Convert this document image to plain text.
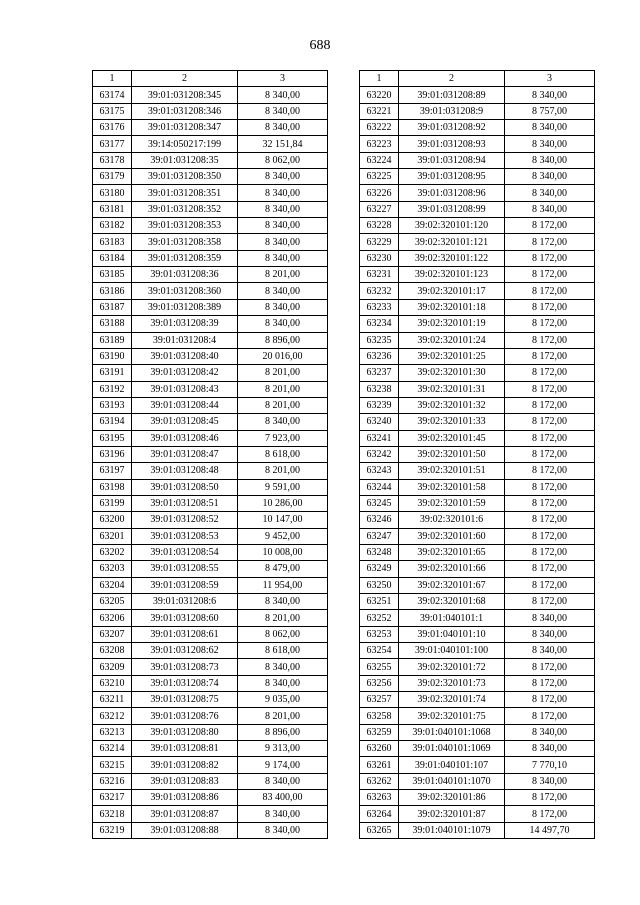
688
1	2	3
63174	39:01:031208:345	8 340,00
63175	39:01:031208:346	8 340,00
63176	39:01:031208:347	8 340,00
63177	39:14:050217:199	32 151,84
63178	39:01:031208:35	8 062,00
63179	39:01:031208:350	8 340,00
63180	39:01:031208:351	8 340,00
63181	39:01:031208:352	8 340,00
63182	39:01:031208:353	8 340,00
63183	39:01:031208:358	8 340,00
63184	39:01:031208:359	8 340,00
63185	39:01:031208:36	8 201,00
63186	39:01:031208:360	8 340,00
63187	39:01:031208:389	8 340,00
63188	39:01:031208:39	8 340,00
63189	39:01:031208:4	8 896,00
63190	39:01:031208:40	20 016,00
63191	39:01:031208:42	8 201,00
63192	39:01:031208:43	8 201,00
63193	39:01:031208:44	8 201,00
63194	39:01:031208:45	8 340,00
63195	39:01:031208:46	7 923,00
63196	39:01:031208:47	8 618,00
63197	39:01:031208:48	8 201,00
63198	39:01:031208:50	9 591,00
63199	39:01:031208:51	10 286,00
63200	39:01:031208:52	10 147,00
63201	39:01:031208:53	9 452,00
63202	39:01:031208:54	10 008,00
63203	39:01:031208:55	8 479,00
63204	39:01:031208:59	11 954,00
63205	39:01:031208:6	8 340,00
63206	39:01:031208:60	8 201,00
63207	39:01:031208:61	8 062,00
63208	39:01:031208:62	8 618,00
63209	39:01:031208:73	8 340,00
63210	39:01:031208:74	8 340,00
63211	39:01:031208:75	9 035,00
63212	39:01:031208:76	8 201,00
63213	39:01:031208:80	8 896,00
63214	39:01:031208:81	9 313,00
63215	39:01:031208:82	9 174,00
63216	39:01:031208:83	8 340,00
63217	39:01:031208:86	83 400,00
63218	39:01:031208:87	8 340,00
63219	39:01:031208:88	8 340,00
1	2	3
63220	39:01:031208:89	8 340,00
63221	39:01:031208:9	8 757,00
63222	39:01:031208:92	8 340,00
63223	39:01:031208:93	8 340,00
63224	39:01:031208:94	8 340,00
63225	39:01:031208:95	8 340,00
63226	39:01:031208:96	8 340,00
63227	39:01:031208:99	8 340,00
63228	39:02:320101:120	8 172,00
63229	39:02:320101:121	8 172,00
63230	39:02:320101:122	8 172,00
63231	39:02:320101:123	8 172,00
63232	39:02:320101:17	8 172,00
63233	39:02:320101:18	8 172,00
63234	39:02:320101:19	8 172,00
63235	39:02:320101:24	8 172,00
63236	39:02:320101:25	8 172,00
63237	39:02:320101:30	8 172,00
63238	39:02:320101:31	8 172,00
63239	39:02:320101:32	8 172,00
63240	39:02:320101:33	8 172,00
63241	39:02:320101:45	8 172,00
63242	39:02:320101:50	8 172,00
63243	39:02:320101:51	8 172,00
63244	39:02:320101:58	8 172,00
63245	39:02:320101:59	8 172,00
63246	39:02:320101:6	8 172,00
63247	39:02:320101:60	8 172,00
63248	39:02:320101:65	8 172,00
63249	39:02:320101:66	8 172,00
63250	39:02:320101:67	8 172,00
63251	39:02:320101:68	8 172,00
63252	39:01:040101:1	8 340,00
63253	39:01:040101:10	8 340,00
63254	39:01:040101:100	8 340,00
63255	39:02:320101:72	8 172,00
63256	39:02:320101:73	8 172,00
63257	39:02:320101:74	8 172,00
63258	39:02:320101:75	8 172,00
63259	39:01:040101:1068	8 340,00
63260	39:01:040101:1069	8 340,00
63261	39:01:040101:107	7 770,10
63262	39:01:040101:1070	8 340,00
63263	39:02:320101:86	8 172,00
63264	39:02:320101:87	8 172,00
63265	39:01:040101:1079	14 497,70
